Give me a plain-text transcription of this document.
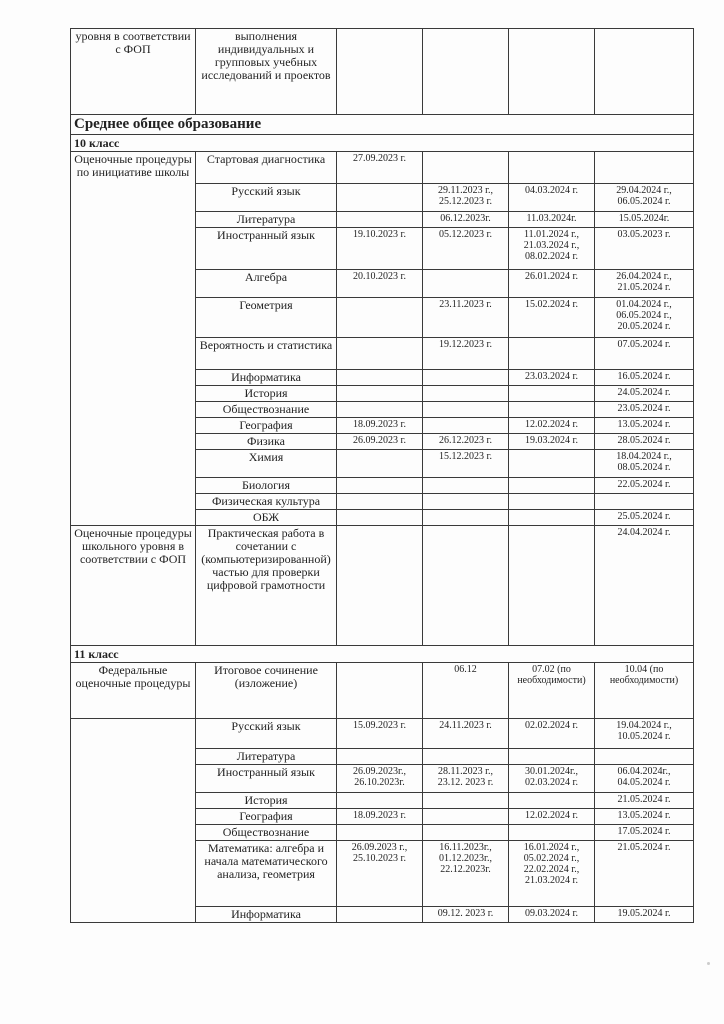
уровня в соответствии с ФОП	выполнения индивидуальных и групповых учебных исследований и проектов				
Среднее общее образование					
10 класс					
Оценочные процедуры по инициативе школы	Стартовая диагностика	27.09.2023 г.			
	Русский язык		29.11.2023 г., 25.12.2023 г.	04.03.2024 г.	29.04.2024 г., 06.05.2024 г.
	Литература		06.12.2023г.	11.03.2024г.	15.05.2024г.
	Иностранный язык	19.10.2023 г.	05.12.2023 г.	11.01.2024 г., 21.03.2024 г., 08.02.2024 г.	03.05.2023 г.
	Алгебра	20.10.2023 г.		26.01.2024 г.	26.04.2024 г., 21.05.2024 г.
	Геометрия		23.11.2023 г.	15.02.2024 г.	01.04.2024 г., 06.05.2024 г., 20.05.2024 г.
	Вероятность и статистика		19.12.2023 г.		07.05.2024 г.
	Информатика			23.03.2024 г.	16.05.2024 г.
	История				24.05.2024 г.
	Обществознание				23.05.2024 г.
	География	18.09.2023 г.		12.02.2024 г.	13.05.2024 г.
	Физика	26.09.2023 г.	26.12.2023 г.	19.03.2024 г.	28.05.2024 г.
	Химия		15.12.2023 г.		18.04.2024 г., 08.05.2024 г.
	Биология				22.05.2024 г.
	Физическая культура				
	ОБЖ				25.05.2024 г.
Оценочные процедуры школьного уровня в соответствии с ФОП	Практическая работа в сочетании с (компьютеризированной) частью для проверки цифровой грамотности				24.04.2024 г.
11 класс					
Федеральные оценочные процедуры	Итоговое сочинение (изложение)		06.12	07.02 (по необходимости)	10.04 (по необходимости)
	Русский язык	15.09.2023 г.	24.11.2023 г.	02.02.2024 г.	19.04.2024 г., 10.05.2024 г.
	Литература				
	Иностранный язык	26.09.2023г., 26.10.2023г.	28.11.2023 г., 23.12. 2023 г.	30.01.2024г., 02.03.2024 г.	06.04.2024г., 04.05.2024 г.
	История				21.05.2024 г.
	География	18.09.2023 г.		12.02.2024 г.	13.05.2024 г.
	Обществознание				17.05.2024 г.
	Математика: алгебра и начала математического анализа, геометрия	26.09.2023 г., 25.10.2023 г.	16.11.2023г., 01.12.2023г., 22.12.2023г.	16.01.2024 г., 05.02.2024 г., 22.02.2024 г., 21.03.2024 г.	21.05.2024 г.
	Информатика		09.12. 2023 г.	09.03.2024 г.	19.05.2024 г.
